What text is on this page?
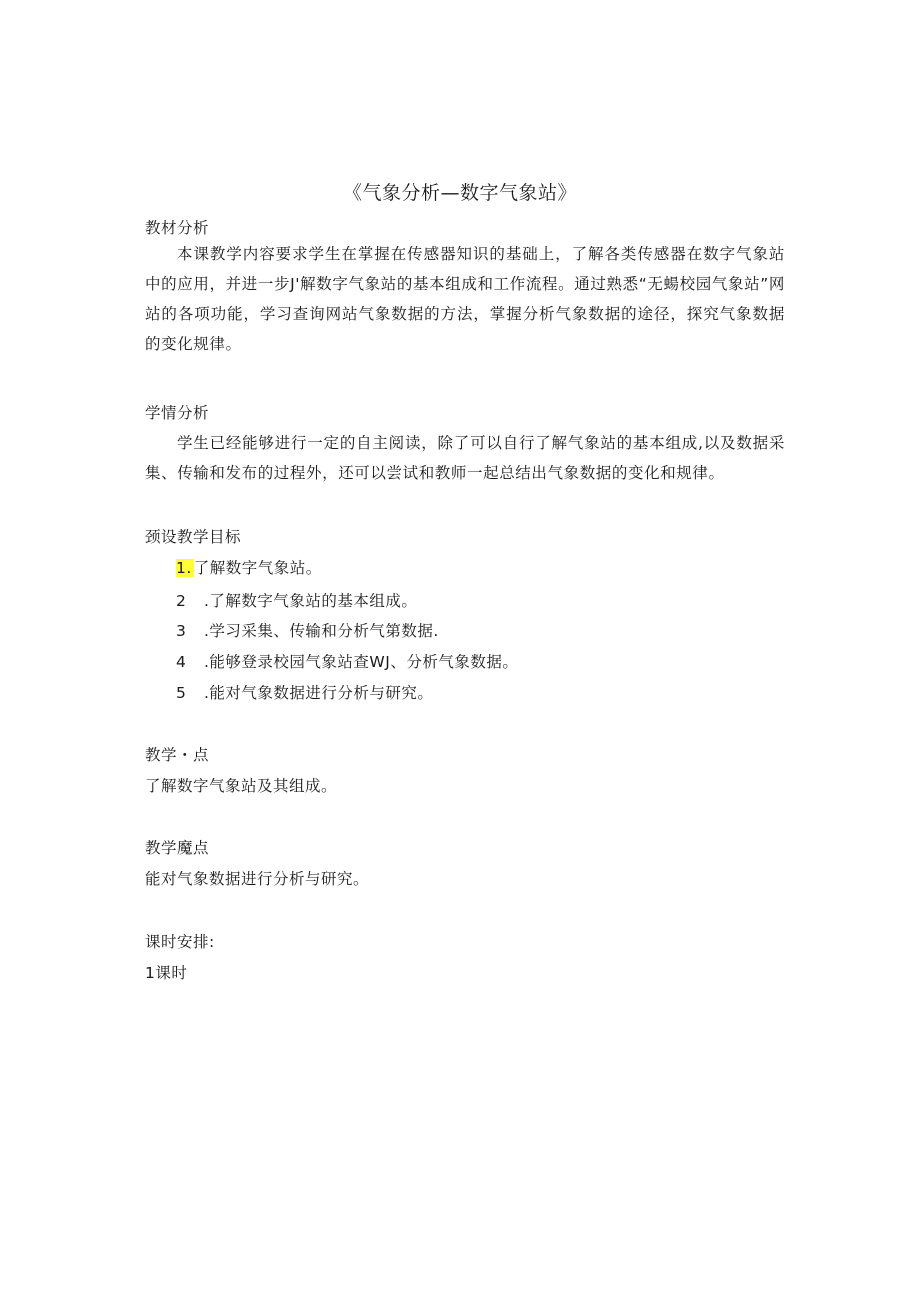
《气象分析—数字气象站》
教材分析
本课教学内容要求学生在掌握在传感器知识的基础上，了解各类传感器在数字气象站中的应用，并进一步J'解数字气象站的基本组成和工作流程。通过熟悉“无蝪校园气象站”网站的各项功能，学习查询网站气象数据的方法，掌握分析气象数据的途径，探究气象数据的变化规律。
学情分析
学生已经能够进行一定的自主阅读，除了可以自行了解气象站的基本组成,以及数据采集、传输和发布的过程外，还可以尝试和教师一起总结出气象数据的变化和规律。
颈设教学目标
1. 了解数字气象站。
2 .了解数字气象站的基本组成。
3 .学习采集、传输和分析气第数据.
4 .能够登录校园气象站查WJ、分析气象数据。
5 .能对气象数据进行分析与研究。
教学・点
了解数字气象站及其组成。
教学魔点
能对气象数据进行分析与研究。
课时安排:
1课时
